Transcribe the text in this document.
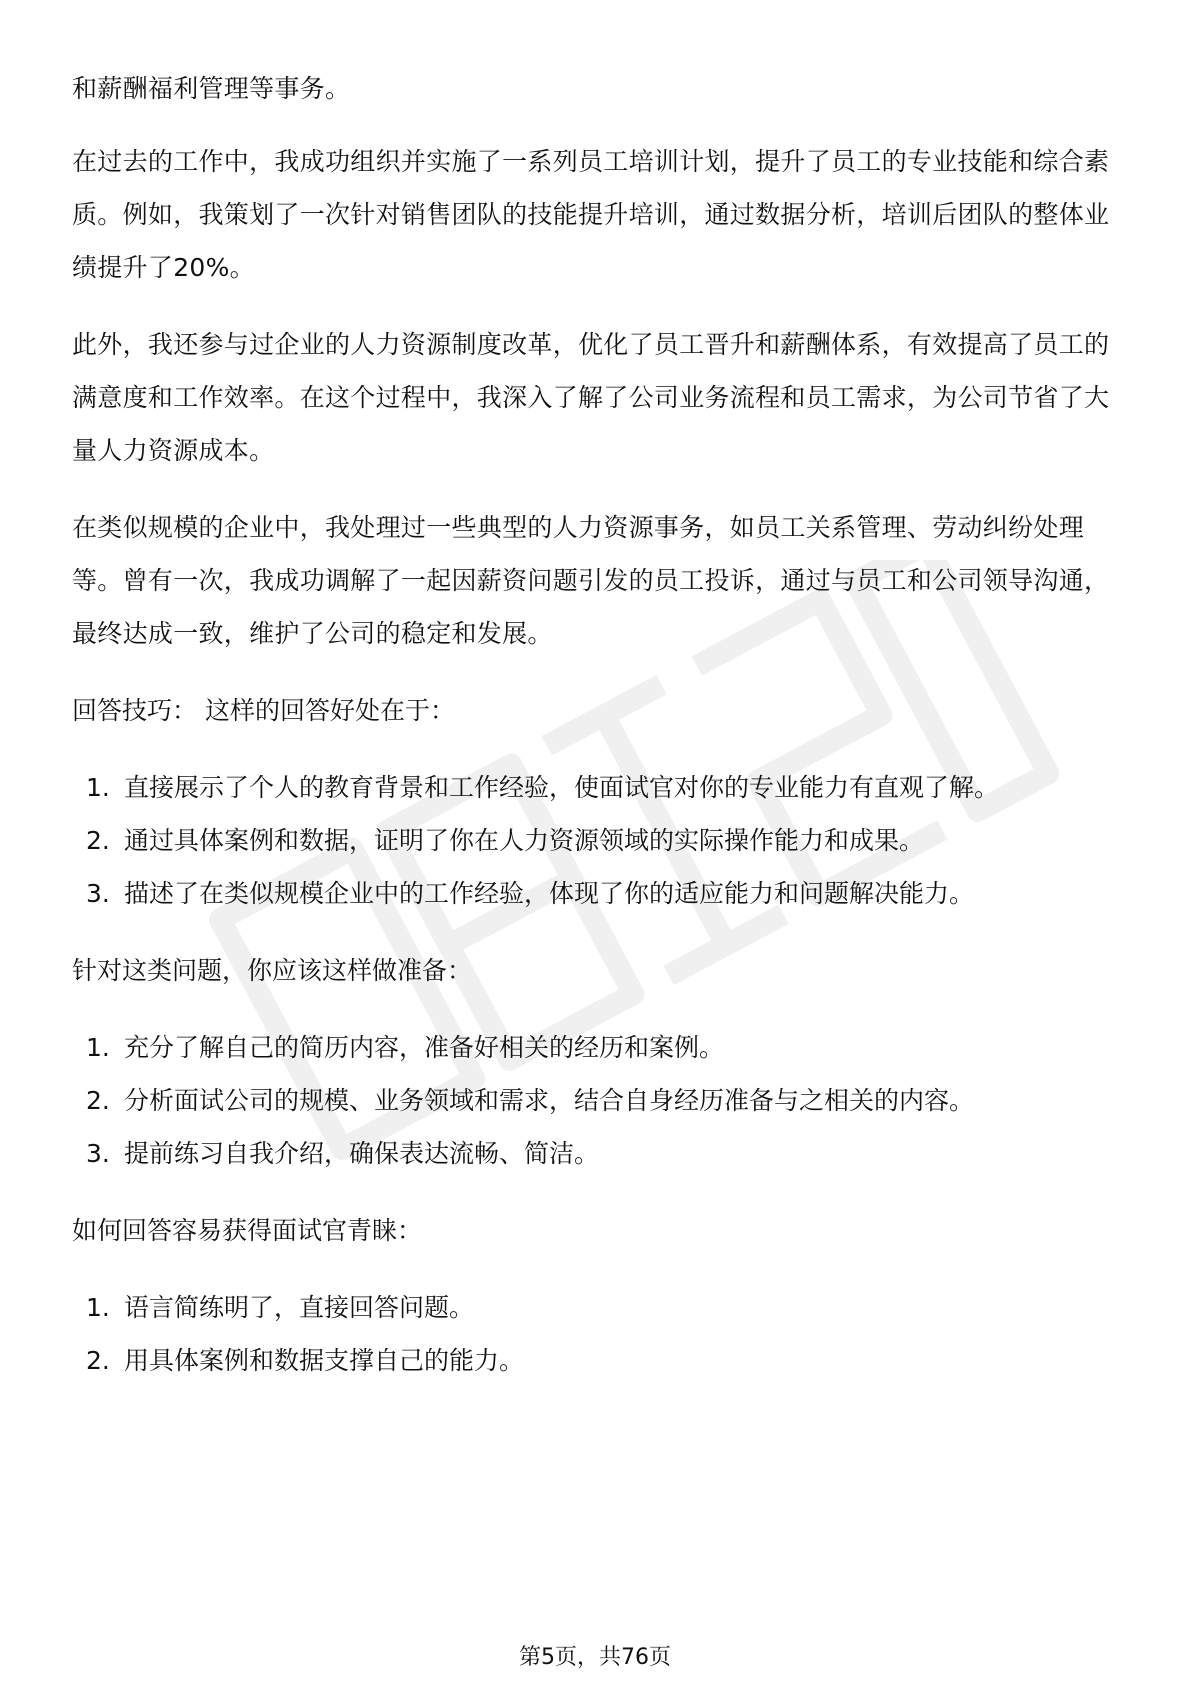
和薪酬福利管理等事务。

在过去的工作中，我成功组织并实施了一系列员工培训计划，提升了员工的专业技能和综合素质。例如，我策划了一次针对销售团队的技能提升培训，通过数据分析，培训后团队的整体业绩提升了20%。

此外，我还参与过企业的人力资源制度改革，优化了员工晋升和薪酬体系，有效提高了员工的满意度和工作效率。在这个过程中，我深入了解了公司业务流程和员工需求，为公司节省了大量人力资源成本。

在类似规模的企业中，我处理过一些典型的人力资源事务，如员工关系管理、劳动纠纷处理等。曾有一次，我成功调解了一起因薪资问题引发的员工投诉，通过与员工和公司领导沟通，最终达成一致，维护了公司的稳定和发展。

回答技巧： 这样的回答好处在于：

1. 直接展示了个人的教育背景和工作经验，使面试官对你的专业能力有直观了解。
2. 通过具体案例和数据，证明了你在人力资源领域的实际操作能力和成果。
3. 描述了在类似规模企业中的工作经验，体现了你的适应能力和问题解决能力。

针对这类问题，你应该这样做准备：

1. 充分了解自己的简历内容，准备好相关的经历和案例。
2. 分析面试公司的规模、业务领域和需求，结合自身经历准备与之相关的内容。
3. 提前练习自我介绍，确保表达流畅、简洁。

如何回答容易获得面试官青睐：

1. 语言简练明了，直接回答问题。
2. 用具体案例和数据支撑自己的能力。
第5页，共76页
